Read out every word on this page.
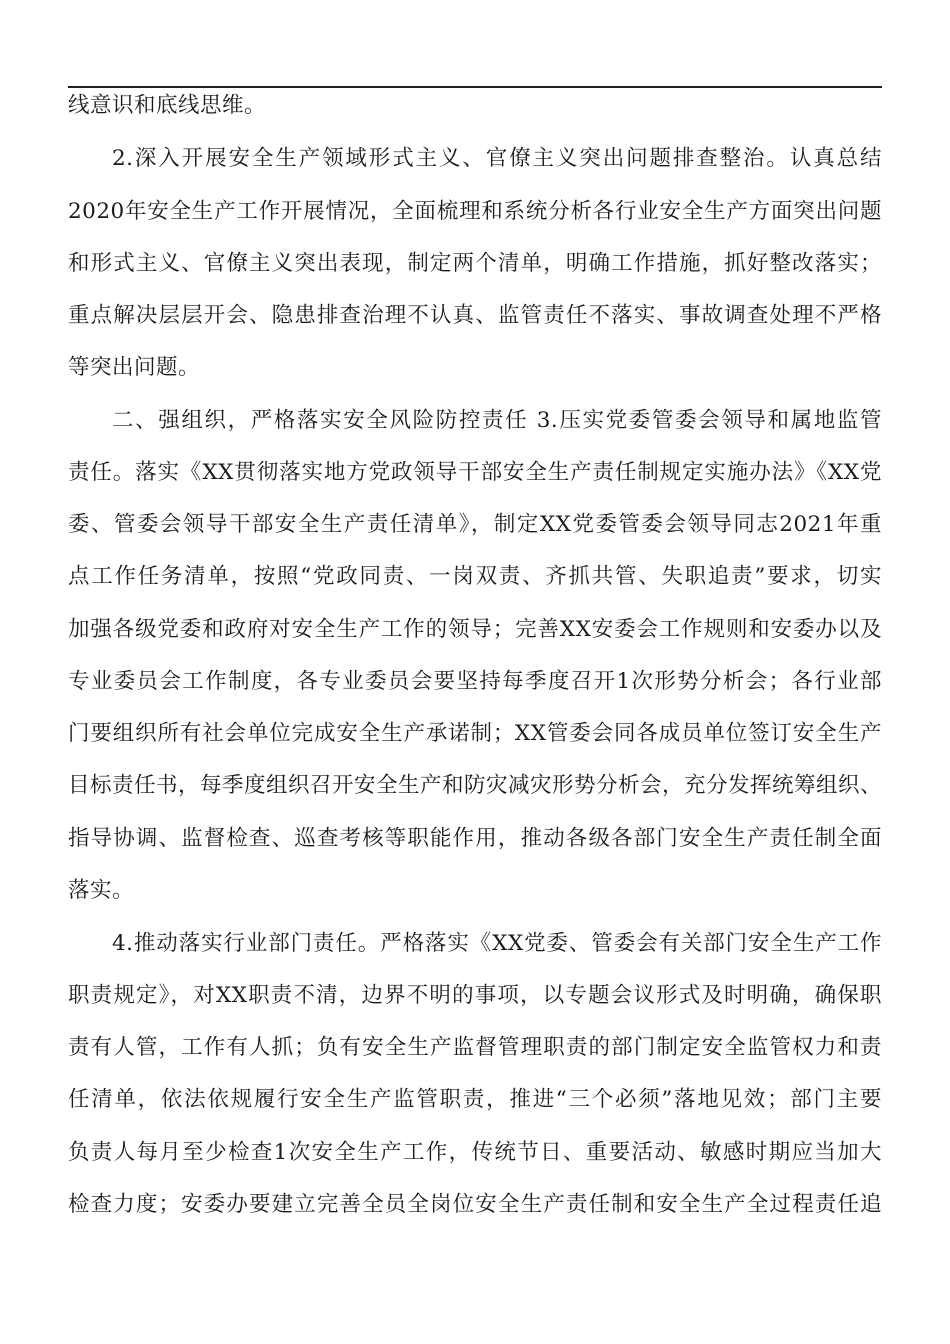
线意识和底线思维。
2.深入开展安全生产领域形式主义、官僚主义突出问题排查整治。认真总结
2020年安全生产工作开展情况，全面梳理和系统分析各行业安全生产方面突出问题
和形式主义、官僚主义突出表现，制定两个清单，明确工作措施，抓好整改落实；
重点解决层层开会、隐患排查治理不认真、监管责任不落实、事故调查处理不严格
等突出问题。
二、强组织，严格落实安全风险防控责任 3.压实党委管委会领导和属地监管
责任。落实《XX贯彻落实地方党政领导干部安全生产责任制规定实施办法》《XX党
委、管委会领导干部安全生产责任清单》，制定XX党委管委会领导同志2021年重
点工作任务清单，按照“党政同责、一岗双责、齐抓共管、失职追责”要求，切实
加强各级党委和政府对安全生产工作的领导；完善XX安委会工作规则和安委办以及
专业委员会工作制度，各专业委员会要坚持每季度召开1次形势分析会；各行业部
门要组织所有社会单位完成安全生产承诺制；XX管委会同各成员单位签订安全生产
目标责任书，每季度组织召开安全生产和防灾减灾形势分析会，充分发挥统筹组织、
指导协调、监督检查、巡查考核等职能作用，推动各级各部门安全生产责任制全面
落实。
4.推动落实行业部门责任。严格落实《XX党委、管委会有关部门安全生产工作
职责规定》，对XX职责不清，边界不明的事项，以专题会议形式及时明确，确保职
责有人管，工作有人抓；负有安全生产监督管理职责的部门制定安全监管权力和责
任清单，依法依规履行安全生产监管职责，推进“三个必须”落地见效；部门主要
负责人每月至少检查1次安全生产工作，传统节日、重要活动、敏感时期应当加大
检查力度；安委办要建立完善全员全岗位安全生产责任制和安全生产全过程责任追
